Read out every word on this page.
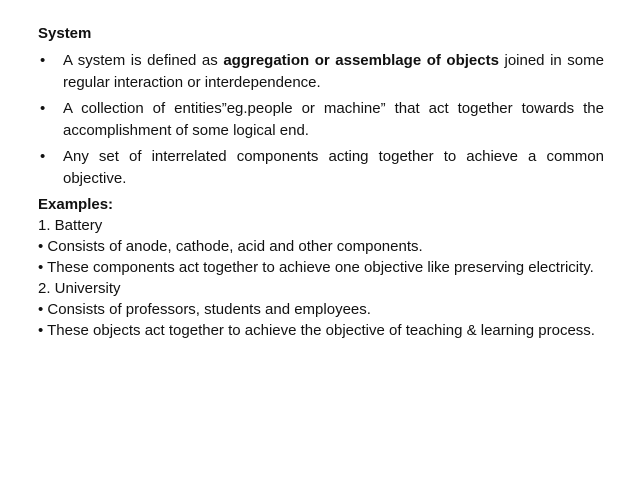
System
• A system is defined as aggregation or assemblage of objects joined in some regular interaction or interdependence.
• A collection of entities”eg.people or machine” that act together towards the accomplishment of some logical end.
• Any set of interrelated components acting together to achieve a common objective.
Examples:
1. Battery
• Consists of anode, cathode, acid and other components.
• These components act together to achieve one objective like preserving electricity.
2. University
• Consists of professors, students and employees.
• These objects act together to achieve the objective of teaching & learning process.
